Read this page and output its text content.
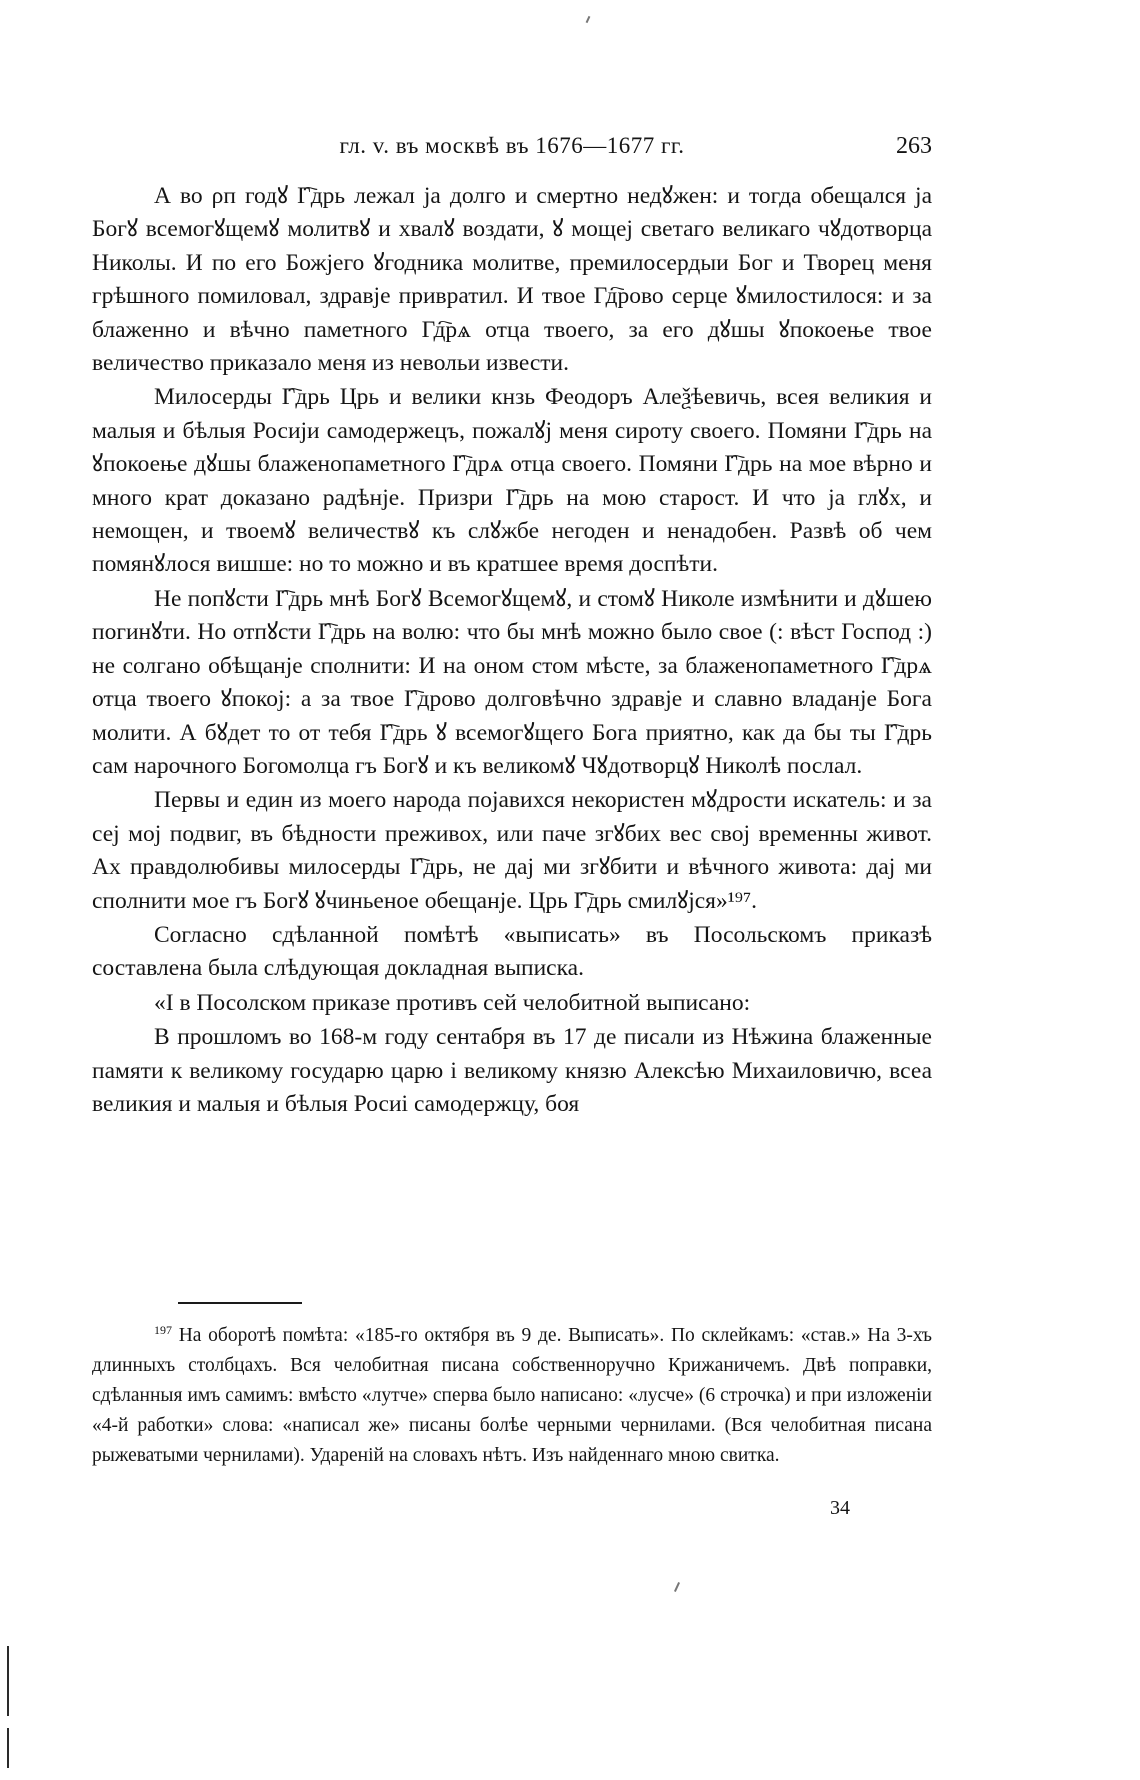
гл. v. въ москвѣ въ 1676—1677 гг.	263

А во ρп годꙋ Г҇дрь лежал ја долго и смертно недꙋжен: и тогда обещался ја Богꙋ всемогꙋщемꙋ молитвꙋ и хвалꙋ воздати, ꙋ мощеј светаго великаго чꙋдотворца Николы. И по его Божјего ꙋгодника молитве, премилосердыи Бог и Творец меня грѣшного помиловал, здравје привратил. И твое Гд҇рово серце ꙋмилостилося: и за блаженно и вѣчно паметного Гд҇рѧ отца твоего, за его дꙋшы ꙋпокоење твое величество приказало меня из невольи извести.

Милосерды Г҇дрь Црь и велики кнзь Феодоръ Алеѯѣевичь, всея великия и малыя и бѣлыя Росији самодержецъ, пожалꙋј меня сироту своего. Помяни Г҇дрь на ꙋпокоење дꙋшы блаженопаметного Г҇дрѧ отца своего. Помяни Г҇дрь на мое вѣрно и много крат доказано радѣнје. Призри Г҇дрь на мою старост. И что ја глꙋх, и немощен, и твоемꙋ величествꙋ къ слꙋжбе негоден и ненадобен. Развѣ об чем помянꙋлося вишше: но то можно и въ кратшее время доспѣти.

Не попꙋсти Г҇дрь мнѣ Богꙋ Всемогꙋщемꙋ, и стомꙋ Николе измѣнити и дꙋшею погинꙋти. Но отпꙋсти Г҇дрь на волю: что бы мнѣ можно было свое (: вѣст Господ :) не солгано обѣщанје сполнити: И на оном стом мѣсте, за блаженопаметного Г҇дрѧ отца твоего ꙋпокој: а за твое Г҇дрово долговѣчно здравје и славно владанје Бога молити. А бꙋдет то от тебя Г҇дрь ꙋ всемогꙋщего Бога приятно, как да бы ты Г҇дрь сам нарочного Богомолца гъ Богꙋ и къ великомꙋ Чꙋдотворцꙋ Николѣ послал.

Первы и един из моего народа појавихся некористен мꙋдрости искатель: и за сеј мој подвиг, въ бѣдности преживох, или паче згꙋбих вес свој временны живот. Ах правдолюбивы милосерды Г҇дрь, не дај ми згꙋбити и вѣчного живота: дај ми сполнити мое гъ Богꙋ ꙋчиньеное обещанје. Црь Г҇дрь смилꙋјся»¹⁹⁷.

Согласно сдѣланной помѣтѣ «выписать» въ Посольскомъ приказѣ составлена была слѣдующая докладная выписка.

«І в Посолском приказе противъ сей челобитной выписано:

В прошломъ во 168-м году сентабря въ 17 де писали из Нѣжина блаженные памяти к великому государю царю і великому князю Алексѣю Михаиловичю, всеа великия и малыя и бѣлыя Росиі самодержцу, боя

$^{197}$ На оборотѣ помѣта: «185-го октября въ 9 де. Выписать». По склейкамъ: «став.» На 3-хъ длинныхъ столбцахъ. Вся челобитная писана собственноручно Крижаничемъ. Двѣ поправки, сдѣланныя имъ самимъ: вмѣсто «лутче» сперва было написано: «лусче» (6 строчка) и при изложенiи «4-й работки» слова: «написал же» писаны болѣе черными чернилами. (Вся челобитная писана рыжеватыми чернилами). Удареній на словахъ нѣтъ. Изъ найденнаго мною свитка.
34
